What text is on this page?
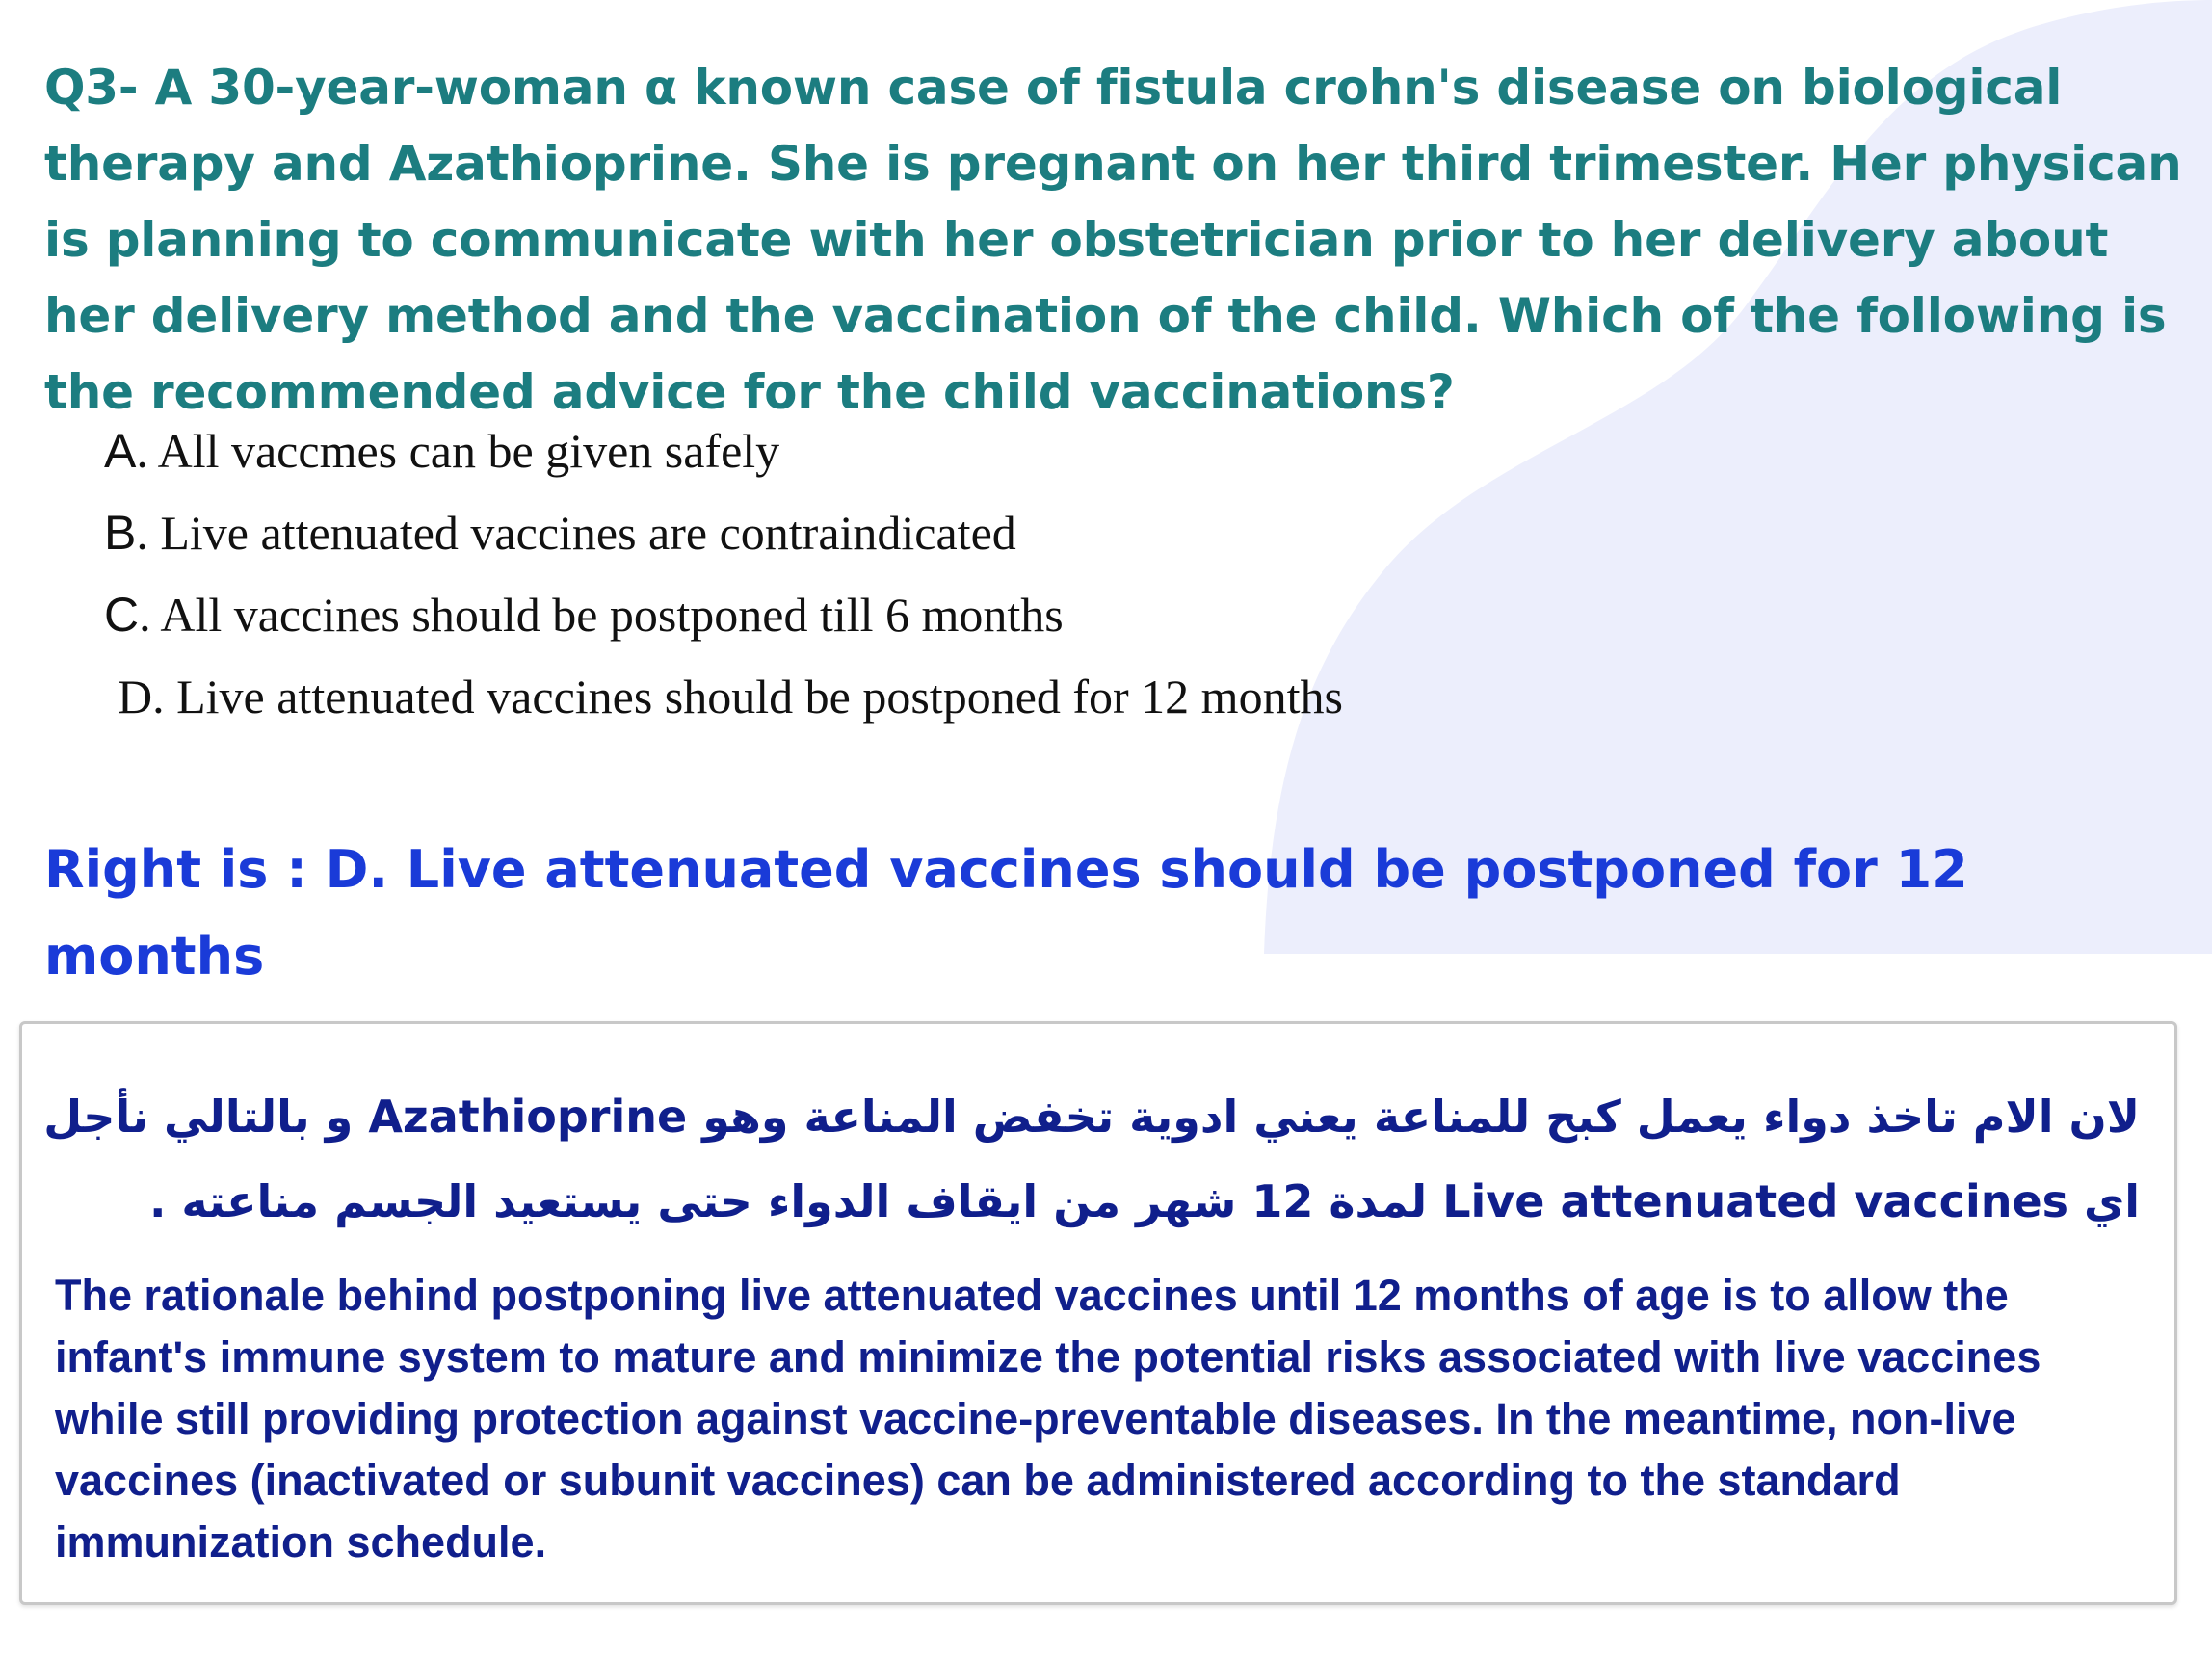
Q3- A 30-year-woman α known case of fistula crohn's disease on biological therapy and Azathioprine. She is pregnant on her third trimester. Her physican is planning to communicate with her obstetrician prior to her delivery about her delivery method and the vaccination of the child. Which of the following is the recommended advice for the child vaccinations?

A. All vaccmes can be given safely
B. Live attenuated vaccines are contraindicated
C. All vaccines should be postponed till 6 months
D. Live attenuated vaccines should be postponed for 12 months

Right is : D. Live attenuated vaccines should be postponed for 12 months

لان الام تاخذ دواء يعمل كبح للمناعة يعني ادوية تخفض المناعة وهو Azathioprine و بالتالي نأجل اي Live attenuated vaccines لمدة 12 شهر من ايقاف الدواء حتى يستعيد الجسم مناعته .

The rationale behind postponing live attenuated vaccines until 12 months of age is to allow the infant's immune system to mature and minimize the potential risks associated with live vaccines while still providing protection against vaccine-preventable diseases. In the meantime, non-live vaccines (inactivated or subunit vaccines) can be administered according to the standard immunization schedule.
